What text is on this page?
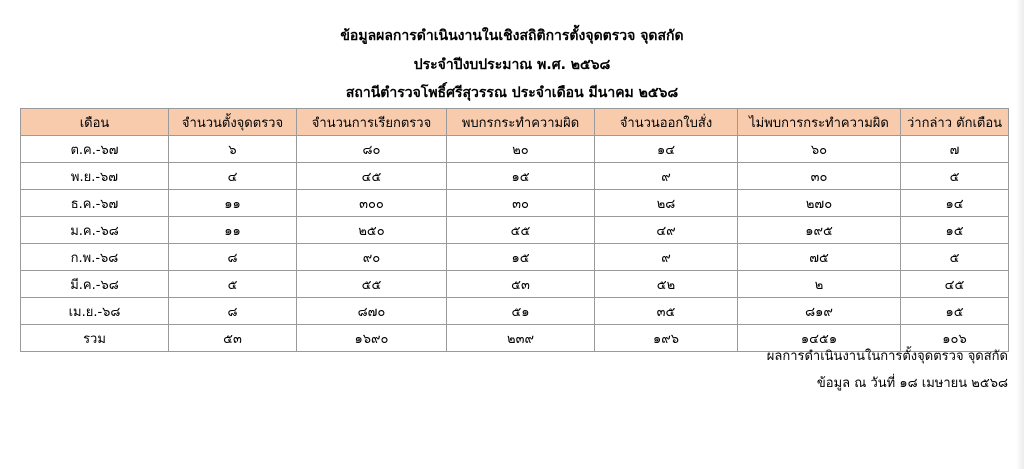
ข้อมูลผลการดำเนินงานในเชิงสถิติการตั้งจุดตรวจ จุดสกัด
ประจำปีงบประมาณ พ.ศ. ๒๕๖๘
สถานีตำรวจโพธิ์ศรีสุวรรณ ประจำเดือน มีนาคม ๒๕๖๘
เดือน	จำนวนตั้งจุดตรวจ	จำนวนการเรียกตรวจ	พบกรกระทำความผิด	จำนวนออกใบสั่ง	ไม่พบการกระทำความผิด	ว่ากล่าว ตักเตือน
ต.ค.-๖๗	๖	๘๐	๒๐	๑๔	๖๐	๗
พ.ย.-๖๗	๔	๔๕	๑๕	๙	๓๐	๕
ธ.ค.-๖๗	๑๑	๓๐๐	๓๐	๒๘	๒๗๐	๑๔
ม.ค.-๖๘	๑๑	๒๕๐	๕๕	๔๙	๑๙๕	๑๕
ก.พ.-๖๘	๘	๙๐	๑๕	๙	๗๕	๕
มี.ค.-๖๘	๕	๕๕	๕๓	๕๒	๒	๔๕
เม.ย.-๖๘	๘	๘๗๐	๕๑	๓๕	๘๑๙	๑๕
รวม	๕๓	๑๖๙๐	๒๓๙	๑๙๖	๑๔๕๑	๑๐๖
ผลการดำเนินงานในการตั้งจุดตรวจ จุดสกัด
ข้อมูล ณ วันที่ ๑๘ เมษายน ๒๕๖๘
